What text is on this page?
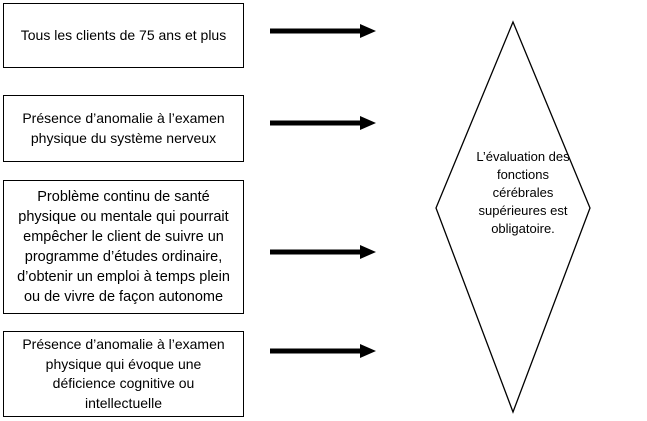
Tous les clients de 75 ans et plus
Présence d’anomalie à l’examen physique du système nerveux
Problème continu de santé physique ou mentale qui pourrait empêcher le client de suivre un programme d’études ordinaire, d’obtenir un emploi à temps plein ou de vivre de façon autonome
Présence d’anomalie à l’examen physique qui évoque une déficience cognitive ou intellectuelle
L’évaluation des fonctions cérébrales supérieures est obligatoire.
